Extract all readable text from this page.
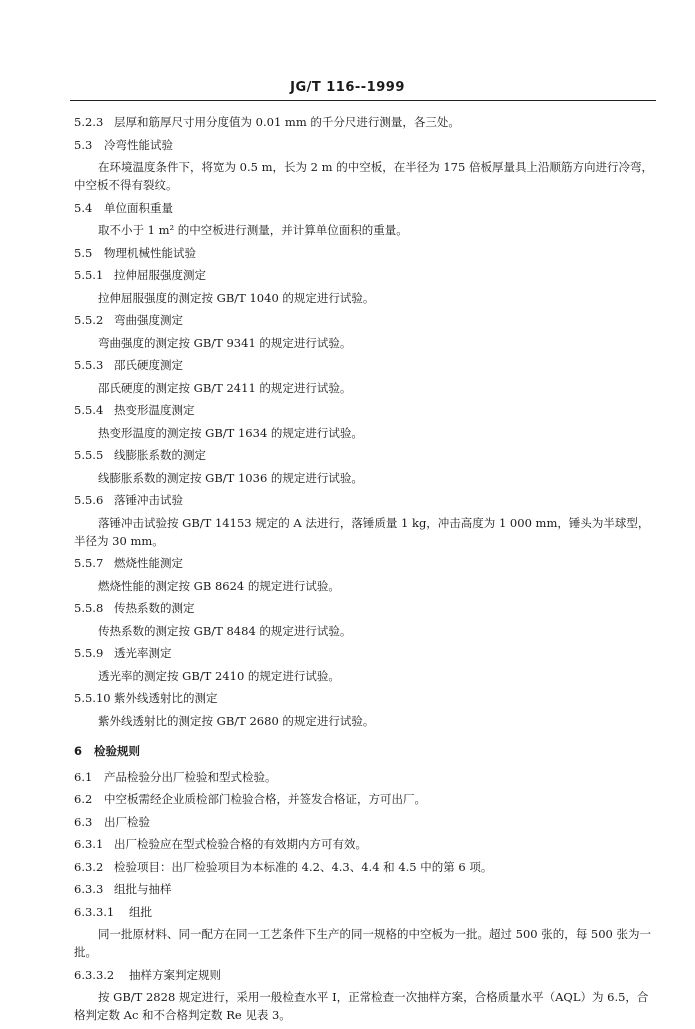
JG/T 116--1999
5.2.3 层厚和筋厚尺寸用分度值为 0.01 mm 的千分尺进行测量，各三处。
5.3 冷弯性能试验
在环境温度条件下，将宽为 0.5 m，长为 2 m 的中空板，在半径为 175 倍板厚量具上沿顺筋方向进行冷弯，中空板不得有裂纹。
5.4 单位面积重量
取不小于 1 m² 的中空板进行测量，并计算单位面积的重量。
5.5 物理机械性能试验
5.5.1 拉伸屈服强度测定
拉伸屈服强度的测定按 GB/T 1040 的规定进行试验。
5.5.2 弯曲强度测定
弯曲强度的测定按 GB/T 9341 的规定进行试验。
5.5.3 邵氏硬度测定
邵氏硬度的测定按 GB/T 2411 的规定进行试验。
5.5.4 热变形温度测定
热变形温度的测定按 GB/T 1634 的规定进行试验。
5.5.5 线膨胀系数的测定
线膨胀系数的测定按 GB/T 1036 的规定进行试验。
5.5.6 落锤冲击试验
落锤冲击试验按 GB/T 14153 规定的 A 法进行，落锤质量 1 kg，冲击高度为 1 000 mm，锤头为半球型，半径为 30 mm。
5.5.7 燃烧性能测定
燃烧性能的测定按 GB 8624 的规定进行试验。
5.5.8 传热系数的测定
传热系数的测定按 GB/T 8484 的规定进行试验。
5.5.9 透光率测定
透光率的测定按 GB/T 2410 的规定进行试验。
5.5.10 紫外线透射比的测定
紫外线透射比的测定按 GB/T 2680 的规定进行试验。
6 检验规则
6.1 产品检验分出厂检验和型式检验。
6.2 中空板需经企业质检部门检验合格，并签发合格证，方可出厂。
6.3 出厂检验
6.3.1 出厂检验应在型式检验合格的有效期内方可有效。
6.3.2 检验项目：出厂检验项目为本标准的 4.2、4.3、4.4 和 4.5 中的第 6 项。
6.3.3 组批与抽样
6.3.3.1 组批
同一批原材料、同一配方在同一工艺条件下生产的同一规格的中空板为一批。超过 500 张的，每 500 张为一批。
6.3.3.2 抽样方案判定规则
按 GB/T 2828 规定进行，采用一般检查水平 I，正常检查一次抽样方案，合格质量水平（AQL）为 6.5，合格判定数 Ac 和不合格判定数 Re 见表 3。
